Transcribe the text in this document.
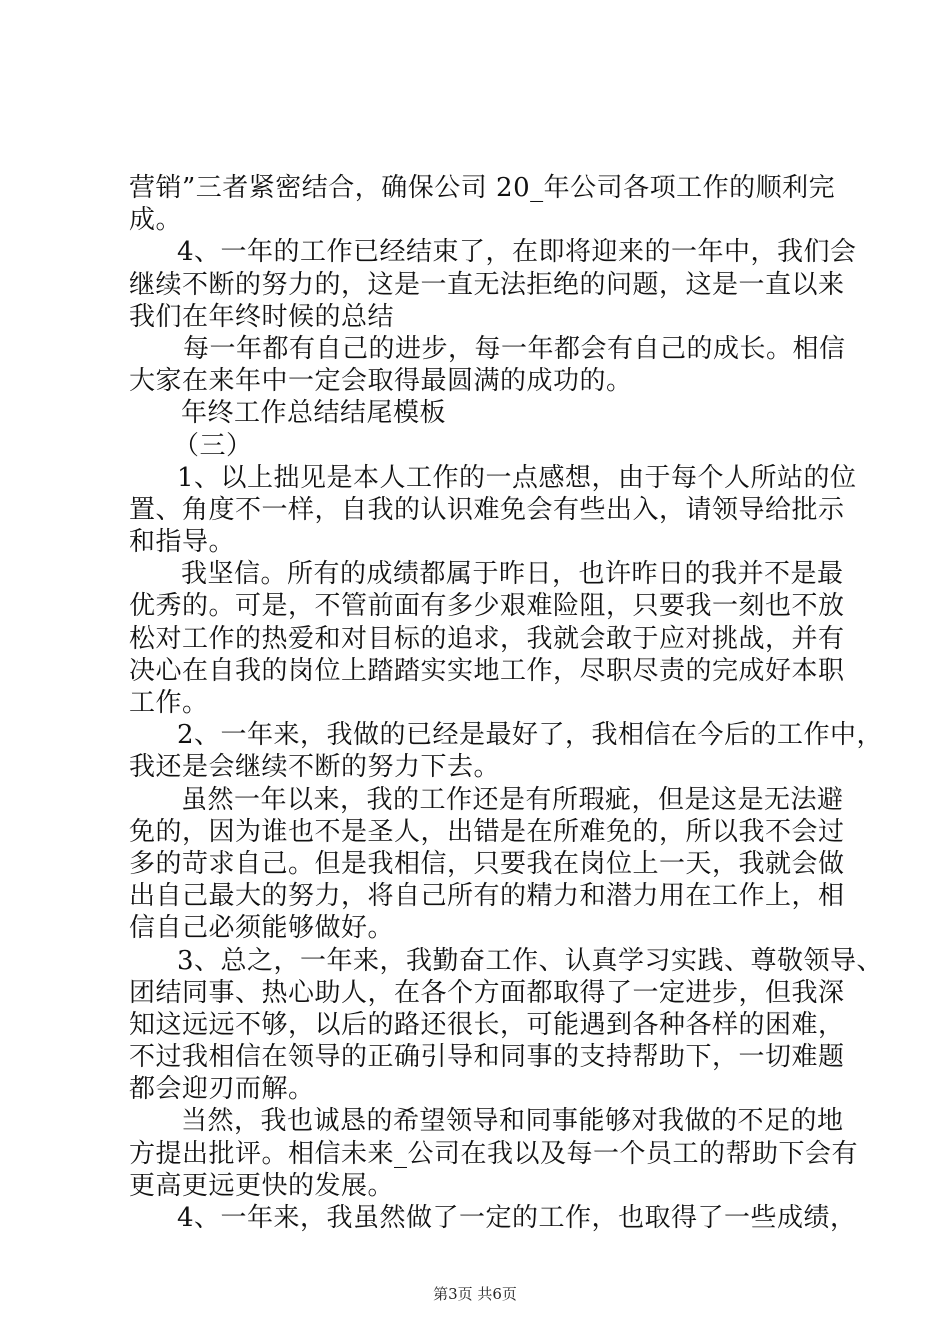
营销”三者紧密结合，确保公司 20_年公司各项工作的顺利完
成。
4、一年的工作已经结束了，在即将迎来的一年中，我们会
继续不断的努力的，这是一直无法拒绝的问题，这是一直以来
我们在年终时候的总结
每一年都有自己的进步，每一年都会有自己的成长。相信
大家在来年中一定会取得最圆满的成功的。
年终工作总结结尾模板
（三）
1、以上拙见是本人工作的一点感想，由于每个人所站的位
置、角度不一样，自我的认识难免会有些出入，请领导给批示
和指导。
我坚信。所有的成绩都属于昨日，也许昨日的我并不是最
优秀的。可是，不管前面有多少艰难险阻，只要我一刻也不放
松对工作的热爱和对目标的追求，我就会敢于应对挑战，并有
决心在自我的岗位上踏踏实实地工作，尽职尽责的完成好本职
工作。
2、一年来，我做的已经是最好了，我相信在今后的工作中，
我还是会继续不断的努力下去。
虽然一年以来，我的工作还是有所瑕疵，但是这是无法避
免的，因为谁也不是圣人，出错是在所难免的，所以我不会过
多的苛求自己。但是我相信，只要我在岗位上一天，我就会做
出自己最大的努力，将自己所有的精力和潜力用在工作上，相
信自己必须能够做好。
3、总之，一年来，我勤奋工作、认真学习实践、尊敬领导、
团结同事、热心助人，在各个方面都取得了一定进步，但我深
知这远远不够，以后的路还很长，可能遇到各种各样的困难，
不过我相信在领导的正确引导和同事的支持帮助下，一切难题
都会迎刃而解。
当然，我也诚恳的希望领导和同事能够对我做的不足的地
方提出批评。相信未来_公司在我以及每一个员工的帮助下会有
更高更远更快的发展。
4、一年来，我虽然做了一定的工作，也取得了一些成绩，
第3页 共6页
